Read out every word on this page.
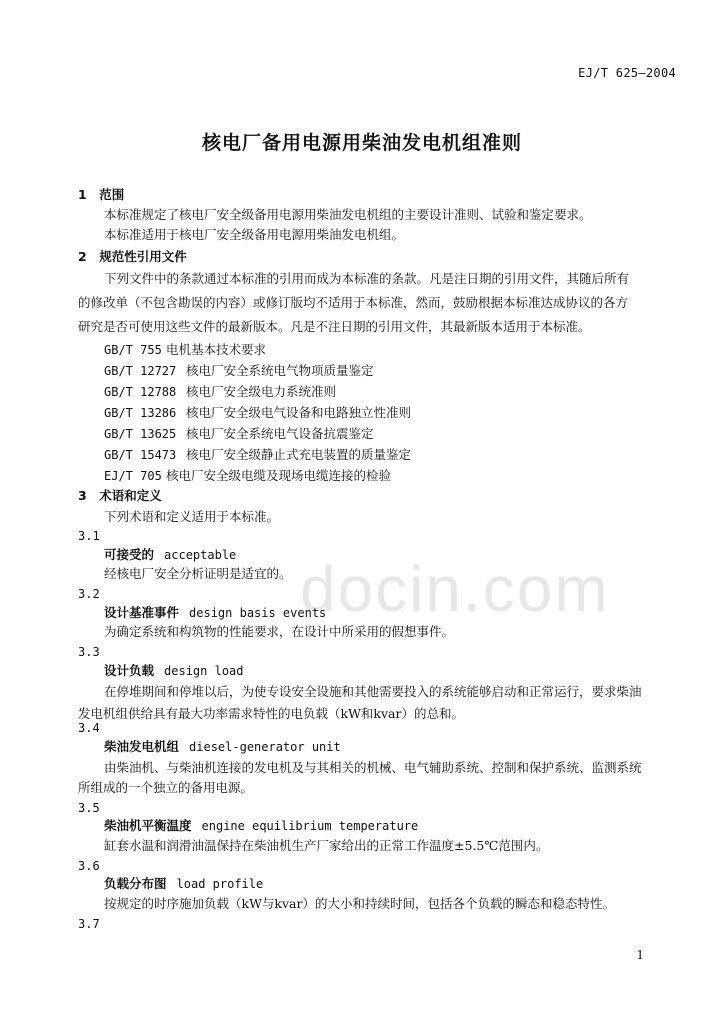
docin.com
EJ/T 625—2004
核电厂备用电源用柴油发电机组准则
1　范围
本标准规定了核电厂安全级备用电源用柴油发电机组的主要设计准则、试验和鉴定要求。
本标准适用于核电厂安全级备用电源用柴油发电机组。
2　规范性引用文件
下列文件中的条款通过本标准的引用而成为本标准的条款。凡是注日期的引用文件，其随后所有
的修改单（不包含勘误的内容）或修订版均不适用于本标准，然而，鼓励根据本标准达成协议的各方
研究是否可使用这些文件的最新版本。凡是不注日期的引用文件，其最新版本适用于本标准。
GB/T 755 电机基本技术要求
GB/T 12727 核电厂安全系统电气物项质量鉴定
GB/T 12788 核电厂安全级电力系统准则
GB/T 13286 核电厂安全级电气设备和电路独立性准则
GB/T 13625 核电厂安全系统电气设备抗震鉴定
GB/T 15473 核电厂安全级静止式充电装置的质量鉴定
EJ/T 705 核电厂安全级电缆及现场电缆连接的检验
3　术语和定义
下列术语和定义适用于本标准。
3.1
可接受的 acceptable
经核电厂安全分析证明是适宜的。
3.2
设计基准事件 design basis events
为确定系统和构筑物的性能要求，在设计中所采用的假想事件。
3.3
设计负载 design load
在停堆期间和停堆以后，为使专设安全设施和其他需要投入的系统能够启动和正常运行，要求柴油
发电机组供给具有最大功率需求特性的电负载（kW和kvar）的总和。
3.4
柴油发电机组 diesel-generator unit
由柴油机、与柴油机连接的发电机及与其相关的机械、电气辅助系统、控制和保护系统、监测系统
所组成的一个独立的备用电源。
3.5
柴油机平衡温度 engine equilibrium temperature
缸套水温和润滑油温保持在柴油机生产厂家给出的正常工作温度±5.5℃范围内。
3.6
负载分布图 load profile
按规定的时序施加负载（kW与kvar）的大小和持续时间，包括各个负载的瞬态和稳态特性。
3.7
1
